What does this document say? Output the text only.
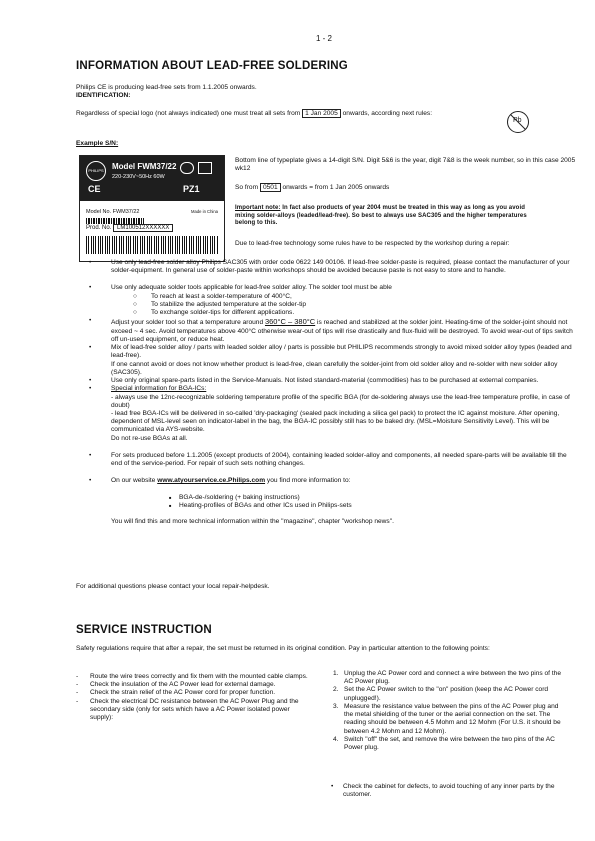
1 - 2
INFORMATION ABOUT LEAD-FREE SOLDERING
Philips CE is producing lead-free sets from 1.1.2005 onwards.
IDENTIFICATION:
Regardless of special logo (not always indicated) one must treat all sets from 1 Jan 2005 onwards, according next rules:
Pb
Example S/N:
PHILIPS Model FWM37/22
220-230V~50Hz 60W
CE	PZ1
Model No. FWM37/22	Made in China
Prod. No. LM100512XXXXXX
Bottom line of typeplate gives a 14-digit S/N. Digit 5&6 is the year, digit 7&8 is the week number, so in this case 2005 wk12
So from 0501 onwards = from 1 Jan 2005 onwards
Important note: In fact also products of year 2004 must be treated in this way as long as you avoid mixing solder-alloys (leaded/lead-free). So best to always use SAC305 and the higher temperatures belong to this.
Due to lead-free technology some rules have to be respected by the workshop during a repair:
•	Use only lead-free solder alloy Philips SAC305 with order code 0622 149 00106. If lead-free solder-paste is required, please contact the manufacturer of your solder-equipment. In general use of solder-paste within workshops should be avoided because paste is not easy to store and to handle.
•	Use only adequate solder tools applicable for lead-free solder alloy. The solder tool must be able
○ To reach at least a solder-temperature of 400°C,
○ To stabilize the adjusted temperature at the solder-tip
○ To exchange solder-tips for different applications.
•	Adjust your solder tool so that a temperature around 360°C – 380°C is reached and stabilized at the solder joint. Heating-time of the solder-joint should not exceed ~ 4 sec. Avoid temperatures above 400°C otherwise wear-out of tips will rise drastically and flux-fluid will be destroyed. To avoid wear-out of tips switch off un-used equipment, or reduce heat.
•	Mix of lead-free solder alloy / parts with leaded solder alloy / parts is possible but PHILIPS recommends strongly to avoid mixed solder alloy types (leaded and lead-free).
If one cannot avoid or does not know whether product is lead-free, clean carefully the solder-joint from old solder alloy and re-solder with new solder alloy (SAC305).
•	Use only original spare-parts listed in the Service-Manuals. Not listed standard-material (commodities) has to be purchased at external companies.
•	Special information for BGA-ICs:
- always use the 12nc-recognizable soldering temperature profile of the specific BGA (for de-soldering always use the lead-free temperature profile, in case of doubt)
- lead free BGA-ICs will be delivered in so-called 'dry-packaging' (sealed pack including a silica gel pack) to protect the IC against moisture. After opening, dependent of MSL-level seen on indicator-label in the bag, the BGA-IC possibly still has to be baked dry. (MSL=Moisture Sensitivity Level). This will be communicated via AYS-website.
Do not re-use BGAs at all.
•	For sets produced before 1.1.2005 (except products of 2004), containing leaded solder-alloy and components, all needed spare-parts will be available till the end of the service-period. For repair of such sets nothing changes.
•	On our website www.atyourservice.ce.Philips.com you find more information to:
■ BGA-de-/soldering (+ baking instructions)
■ Heating-profiles of BGAs and other ICs used in Philips-sets
You will find this and more technical information within the "magazine", chapter "workshop news".
For additional questions please contact your local repair-helpdesk.
SERVICE INSTRUCTION
Safety regulations require that after a repair, the set must be returned in its original condition. Pay in particular attention to the following points:
- Route the wire trees correctly and fix them with the mounted cable clamps.
- Check the insulation of the AC Power lead for external damage.
- Check the strain relief of the AC Power cord for proper function.
- Check the electrical DC resistance between the AC Power Plug and the secondary side (only for sets which have a AC Power isolated power supply):
1. Unplug the AC Power cord and connect a wire between the two pins of the AC Power plug.
2. Set the AC Power switch to the "on" position (keep the AC Power cord unplugged!).
3. Measure the resistance value between the pins of the AC Power plug and the metal shielding of the tuner or the aerial connection on the set. The reading should be between 4.5 Mohm and 12 Mohm (For U.S. it should be between 4.2 Mohm and 12 Mohm).
4. Switch "off" the set, and remove the wire between the two pins of the AC Power plug.
• Check the cabinet for defects, to avoid touching of any inner parts by the customer.
